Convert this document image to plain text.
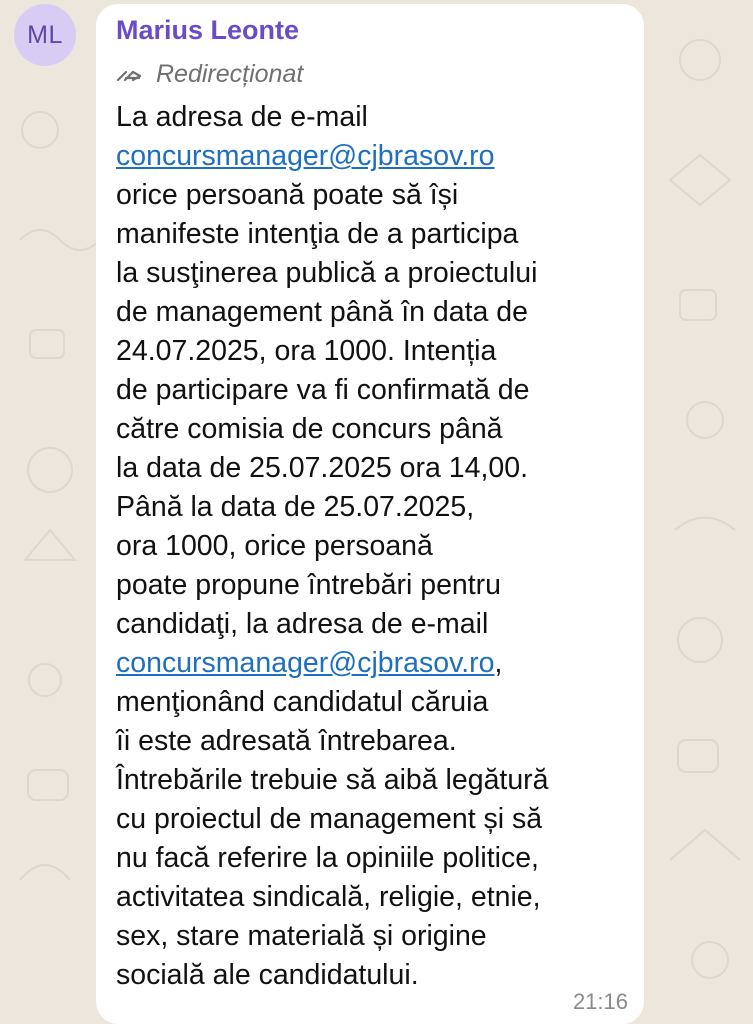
ML Marius Leonte
Redirecționat
La adresa de e-mail
concursmanager@cjbrasov.ro
orice persoană poate să își
manifeste intenţia de a participa
la susţinerea publică a proiectului
de management până în data de
24.07.2025, ora 1000. Intenția
de participare va fi confirmată de
către comisia de concurs până
la data de 25.07.2025 ora 14,00.
Până la data de 25.07.2025,
ora 1000, orice persoană
poate propune întrebări pentru
candidaţi, la adresa de e-mail
concursmanager@cjbrasov.ro,
menţionând candidatul căruia
îi este adresată întrebarea.
Întrebările trebuie să aibă legătură
cu proiectul de management și să
nu facă referire la opiniile politice,
activitatea sindicală, religie, etnie,
sex, stare materială și origine
socială ale candidatului.
21:16
